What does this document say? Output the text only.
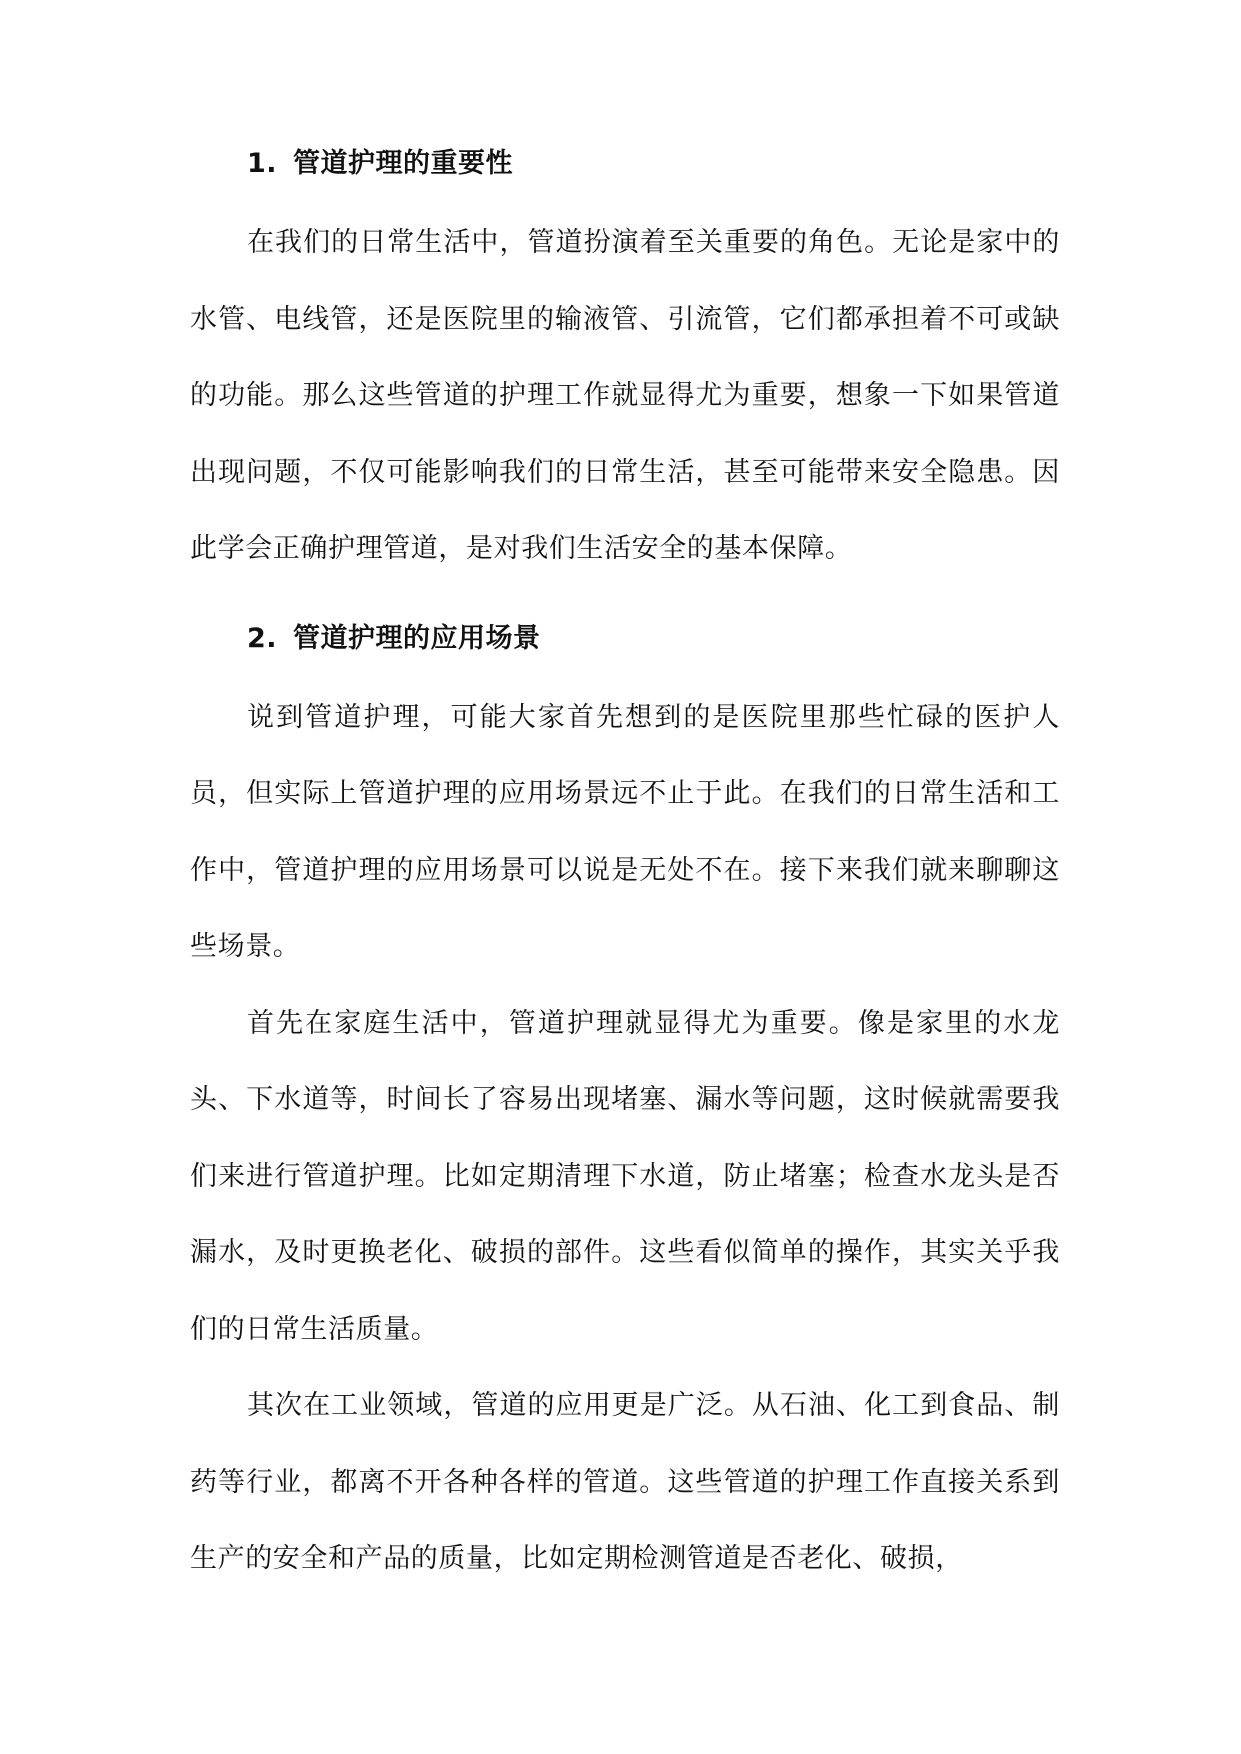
1. 管道护理的重要性

在我们的日常生活中，管道扮演着至关重要的角色。无论是家中的水管、电线管，还是医院里的输液管、引流管，它们都承担着不可或缺的功能。那么这些管道的护理工作就显得尤为重要，想象一下如果管道出现问题，不仅可能影响我们的日常生活，甚至可能带来安全隐患。因此学会正确护理管道，是对我们生活安全的基本保障。

2. 管道护理的应用场景

说到管道护理，可能大家首先想到的是医院里那些忙碌的医护人员，但实际上管道护理的应用场景远不止于此。在我们的日常生活和工作中，管道护理的应用场景可以说是无处不在。接下来我们就来聊聊这些场景。

首先在家庭生活中，管道护理就显得尤为重要。像是家里的水龙头、下水道等，时间长了容易出现堵塞、漏水等问题，这时候就需要我们来进行管道护理。比如定期清理下水道，防止堵塞；检查水龙头是否漏水，及时更换老化、破损的部件。这些看似简单的操作，其实关乎我们的日常生活质量。

其次在工业领域，管道的应用更是广泛。从石油、化工到食品、制药等行业，都离不开各种各样的管道。这些管道的护理工作直接关系到生产的安全和产品的质量，比如定期检测管道是否老化、破损，
